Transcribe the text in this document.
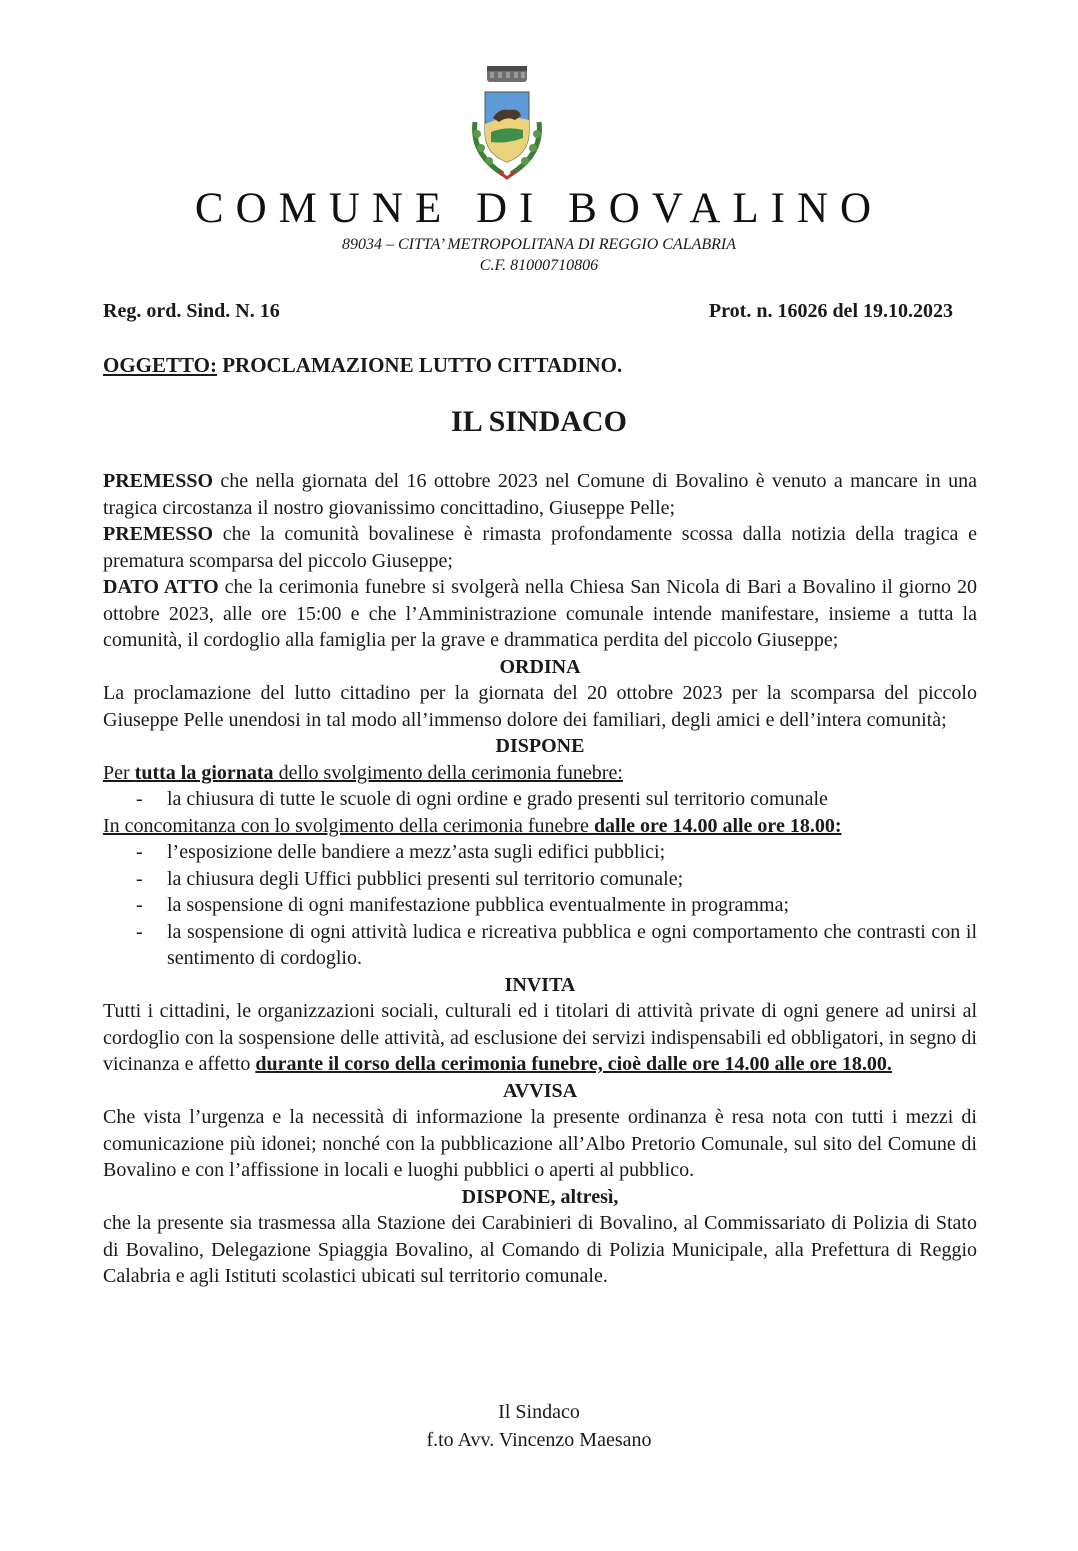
COMUNE DI BOVALINO
89034 – CITTA’ METROPOLITANA DI REGGIO CALABRIA
C.F. 81000710806
Reg. ord. Sind. N. 16	Prot. n. 16026 del 19.10.2023
OGGETTO: PROCLAMAZIONE LUTTO CITTADINO.
IL SINDACO

PREMESSO che nella giornata del 16 ottobre 2023 nel Comune di Bovalino è venuto a mancare in una tragica circostanza il nostro giovanissimo concittadino, Giuseppe Pelle;

PREMESSO che la comunità bovalinese è rimasta profondamente scossa dalla notizia della tragica e prematura scomparsa del piccolo Giuseppe;

DATO ATTO che la cerimonia funebre si svolgerà nella Chiesa San Nicola di Bari a Bovalino il giorno 20 ottobre 2023, alle ore 15:00 e che l’Amministrazione comunale intende manifestare, insieme a tutta la comunità, il cordoglio alla famiglia per la grave e drammatica perdita del piccolo Giuseppe;

ORDINA

La proclamazione del lutto cittadino per la giornata del 20 ottobre 2023 per la scomparsa del piccolo Giuseppe Pelle unendosi in tal modo all’immenso dolore dei familiari, degli amici e dell’intera comunità;

DISPONE

Per tutta la giornata dello svolgimento della cerimonia funebre:

- la chiusura di tutte le scuole di ogni ordine e grado presenti sul territorio comunale

In concomitanza con lo svolgimento della cerimonia funebre dalle ore 14.00 alle ore 18.00:

- l’esposizione delle bandiere a mezz’asta sugli edifici pubblici;
- la chiusura degli Uffici pubblici presenti sul territorio comunale;
- la sospensione di ogni manifestazione pubblica eventualmente in programma;
- la sospensione di ogni attività ludica e ricreativa pubblica e ogni comportamento che contrasti con il sentimento di cordoglio.

INVITA

Tutti i cittadini, le organizzazioni sociali, culturali ed i titolari di attività private di ogni genere ad unirsi al cordoglio con la sospensione delle attività, ad esclusione dei servizi indispensabili ed obbligatori, in segno di vicinanza e affetto durante il corso della cerimonia funebre, cioè dalle ore 14.00 alle ore 18.00.

AVVISA

Che vista l’urgenza e la necessità di informazione la presente ordinanza è resa nota con tutti i mezzi di comunicazione più idonei; nonché con la pubblicazione all’Albo Pretorio Comunale, sul sito del Comune di Bovalino e con l’affissione in locali e luoghi pubblici o aperti al pubblico.

DISPONE, altresì,

che la presente sia trasmessa alla Stazione dei Carabinieri di Bovalino, al Commissariato di Polizia di Stato di Bovalino, Delegazione Spiaggia Bovalino, al Comando di Polizia Municipale, alla Prefettura di Reggio Calabria e agli Istituti scolastici ubicati sul territorio comunale.

Il Sindaco
f.to Avv. Vincenzo Maesano
